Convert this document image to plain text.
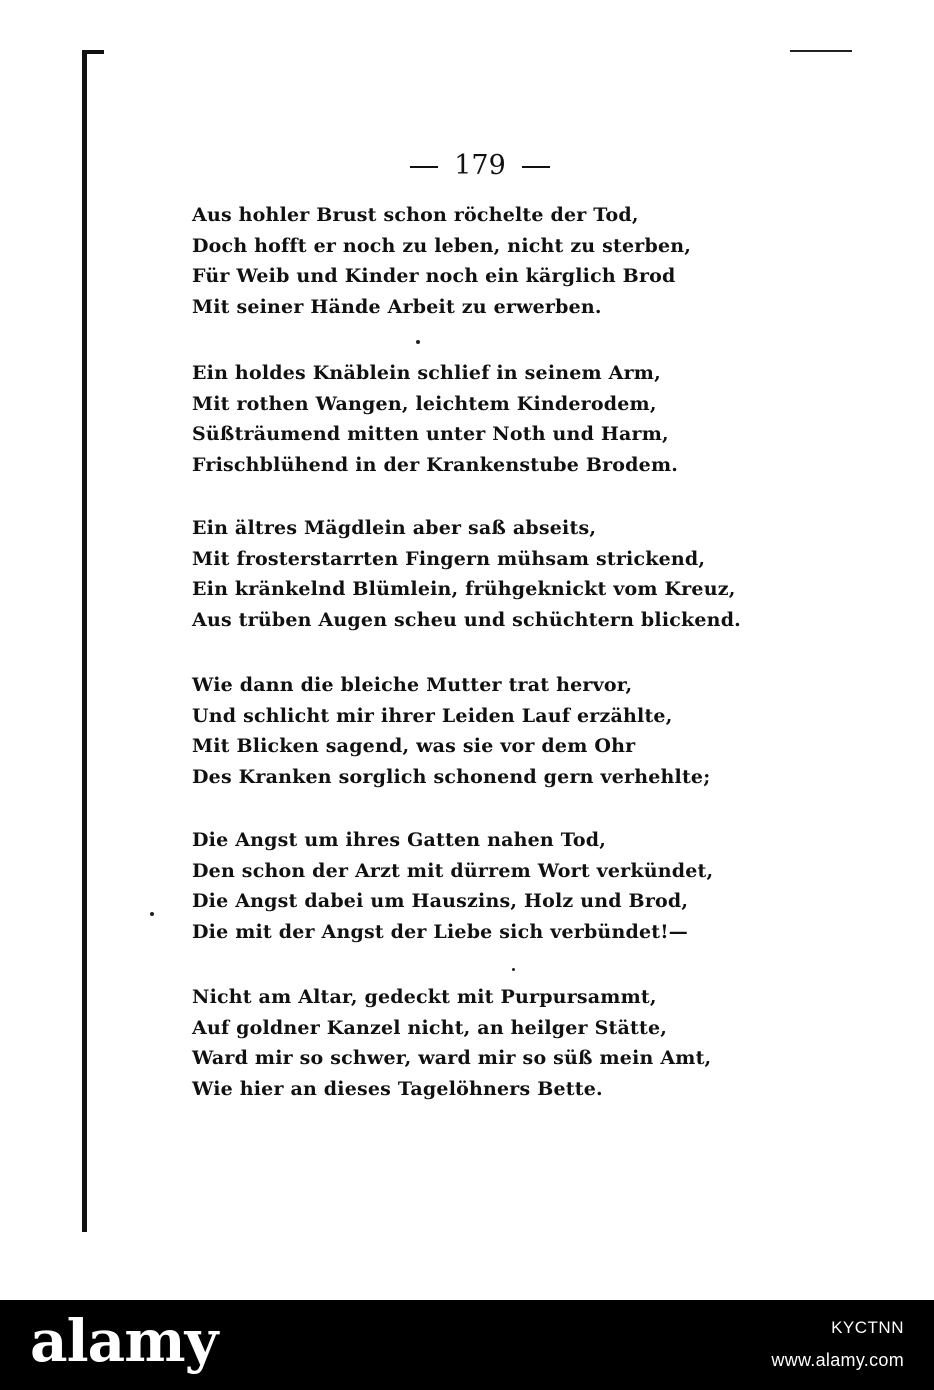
179
Aus hohler Brust schon röchelte der Tod,
Doch hofft er noch zu leben, nicht zu sterben,
Für Weib und Kinder noch ein kärglich Brod
Mit seiner Hände Arbeit zu erwerben.
Ein holdes Knäblein schlief in seinem Arm,
Mit rothen Wangen, leichtem Kinderodem,
Süßträumend mitten unter Noth und Harm,
Frischblühend in der Krankenstube Brodem.
Ein ältres Mägdlein aber saß abseits,
Mit frosterstarrten Fingern mühsam strickend,
Ein kränkelnd Blümlein, frühgeknickt vom Kreuz,
Aus trüben Augen scheu und schüchtern blickend.
Wie dann die bleiche Mutter trat hervor,
Und schlicht mir ihrer Leiden Lauf erzählte,
Mit Blicken sagend, was sie vor dem Ohr
Des Kranken sorglich schonend gern verhehlte;
Die Angst um ihres Gatten nahen Tod,
Den schon der Arzt mit dürrem Wort verkündet,
Die Angst dabei um Hauszins, Holz und Brod,
Die mit der Angst der Liebe sich verbündet!—
Nicht am Altar, gedeckt mit Purpursammt,
Auf goldner Kanzel nicht, an heilger Stätte,
Ward mir so schwer, ward mir so süß mein Amt,
Wie hier an dieses Tagelöhners Bette.
alamy	KYCTNN
www.alamy.com
